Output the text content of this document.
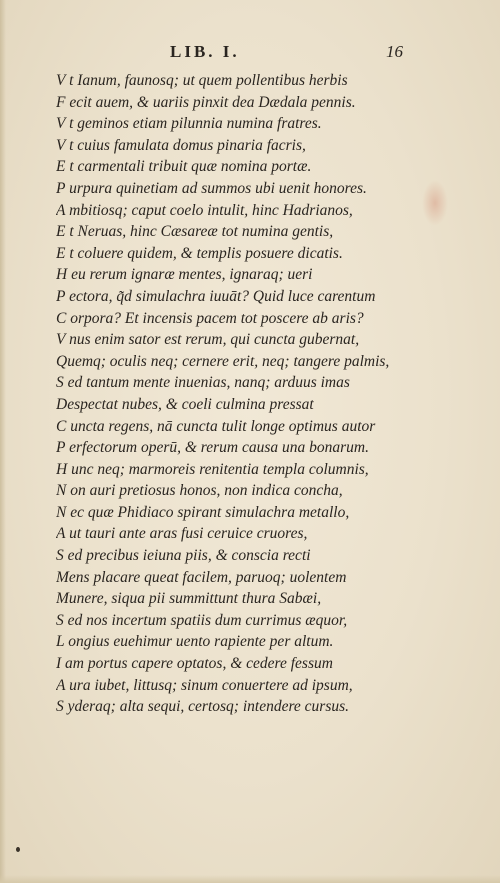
LIB. I.	16
V t Ianum, faunosq; ut quem pollentibus herbis
F ecit auem, & uariis pinxit dea Dædala pennis.
V t geminos etiam pilunnia numina fratres.
V t cuius famulata domus pinaria facris,
E t carmentali tribuit quæ nomina portæ.
P urpura quinetiam ad summos ubi uenit honores.
A mbitiosq; caput coelo intulit, hinc Hadrianos,
E t Neruas, hinc Cæsareæ tot numina gentis,
E t coluere quidem, & templis posuere dicatis.
H eu rerum ignaræ mentes, ignaraq; ueri
P ectora, q̃d simulachra iuuāt? Quid luce carentum
C orpora? Et incensis pacem tot poscere ab aris?
V nus enim sator est rerum, qui cuncta gubernat,
Quemq; oculis neq; cernere erit, neq; tangere palmis,
S ed tantum mente inuenias, nanq; arduus imas
Despectat nubes, & coeli culmina pressat
C uncta regens, nā cuncta tulit longe optimus autor
P erfectorum operū, & rerum causa una bonarum.
H unc neq; marmoreis renitentia templa columnis,
N on auri pretiosus honos, non indica concha,
N ec quæ Phidiaco spirant simulachra metallo,
A ut tauri ante aras fusi ceruice cruores,
S ed precibus ieiuna piis, & conscia recti
Mens placare queat facilem, paruoq; uolentem
Munere, siqua pii summittunt thura Sabæi,
S ed nos incertum spatiis dum currimus æquor,
L ongius euehimur uento rapiente per altum.
I am portus capere optatos, & cedere fessum
A ura iubet, littusq; sinum conuertere ad ipsum,
S yderaq; alta sequi, certosq; intendere cursus.
